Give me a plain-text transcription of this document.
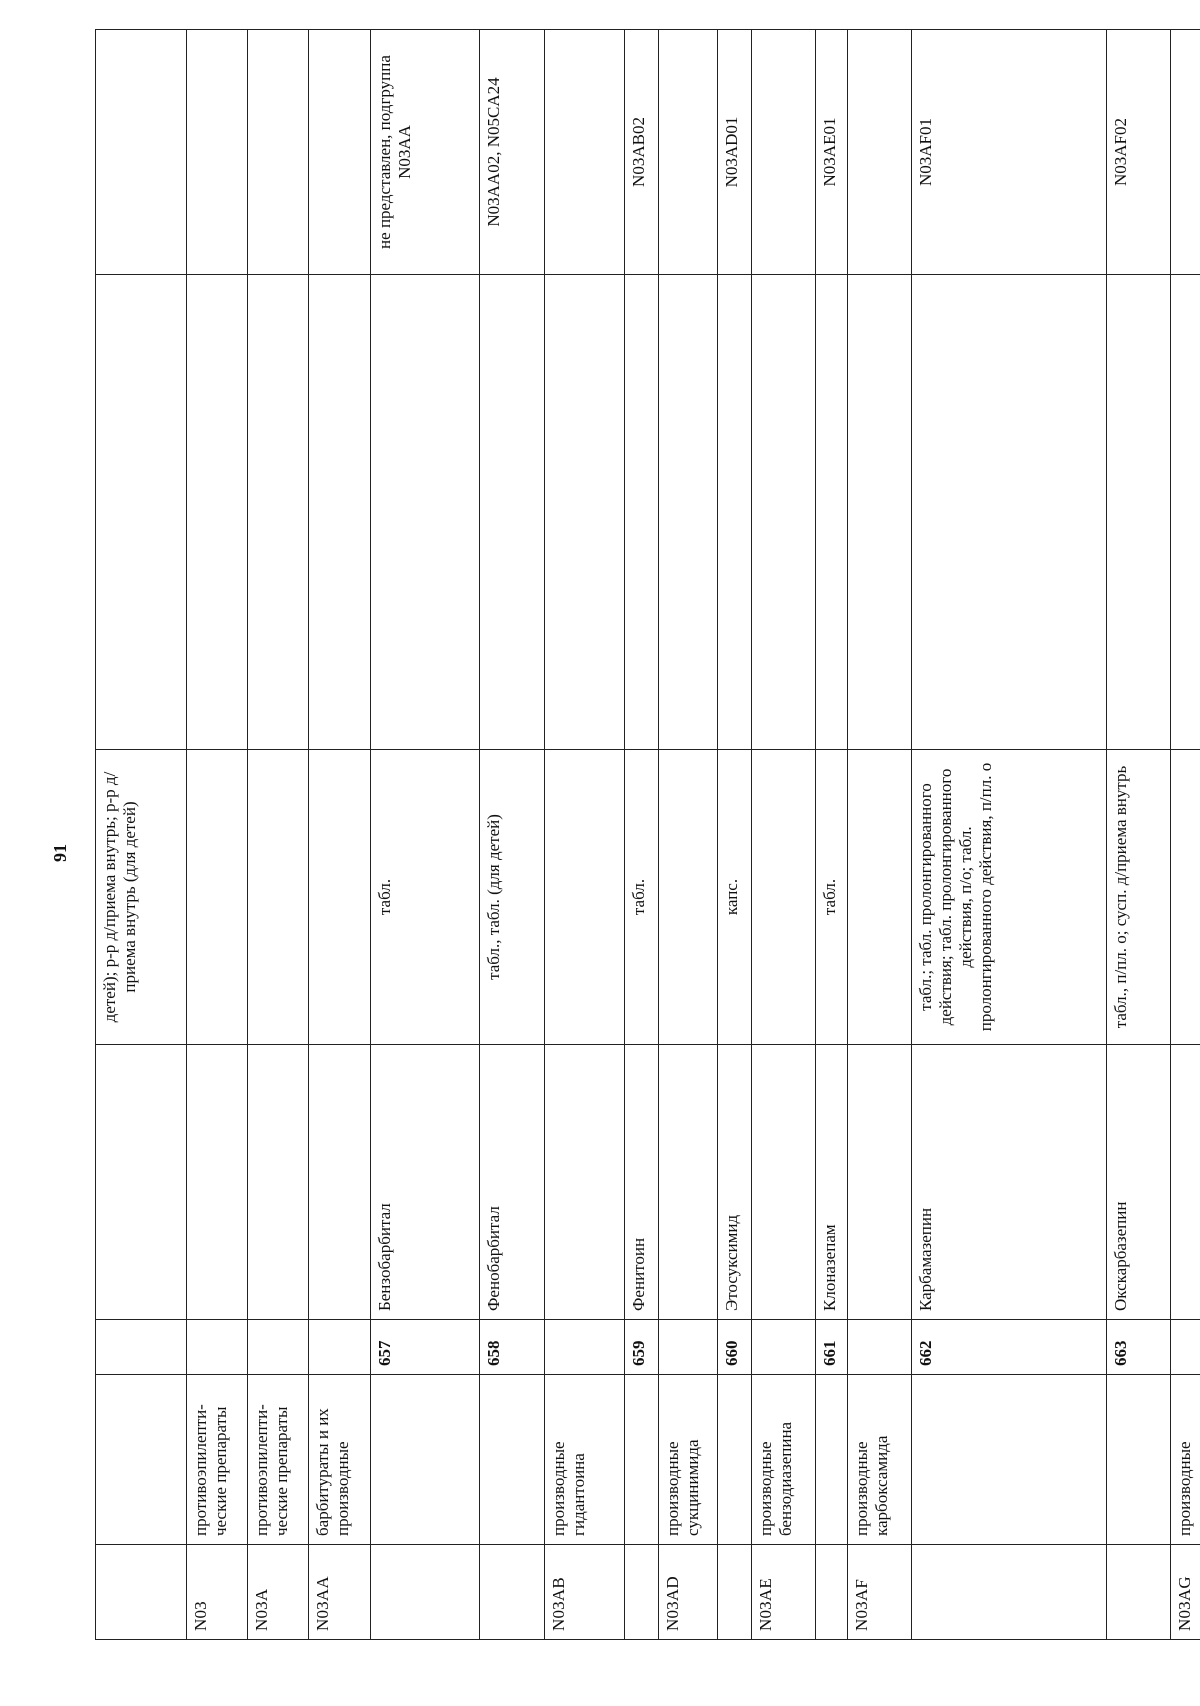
91
				детей); р-р д/приема внутрь; р-р д/приема внутрь (для детей)		
N03	противоэпилепти-ческие препараты					
N03A	противоэпилепти-ческие препараты					
N03AA	барбитураты и их производные					
		657	Бензобарбитал	табл.		не представлен, подгруппа N03AA
		658	Фенобарбитал	табл., табл. (для детей)		N03AA02, N05CA24
N03AB	производные гидантоина					
		659	Фенитоин	табл.		N03AB02
N03AD	производные сукцинимида					
		660	Этосуксимид	капс.		N03AD01
N03AE	производные бензодиазепина					
		661	Клоназепам	табл.		N03AE01
N03AF	производные карбоксамида					
		662	Карбамазепин	табл.; табл. пролонгированного действия; табл. пролонгированного действия, п/о; табл. пролонгированного действия, п/пл. о		N03AF01
		663	Окскарбазепин	табл., п/пл. о; сусп. д/приема внутрь		N03AF02
N03AG	производные					
